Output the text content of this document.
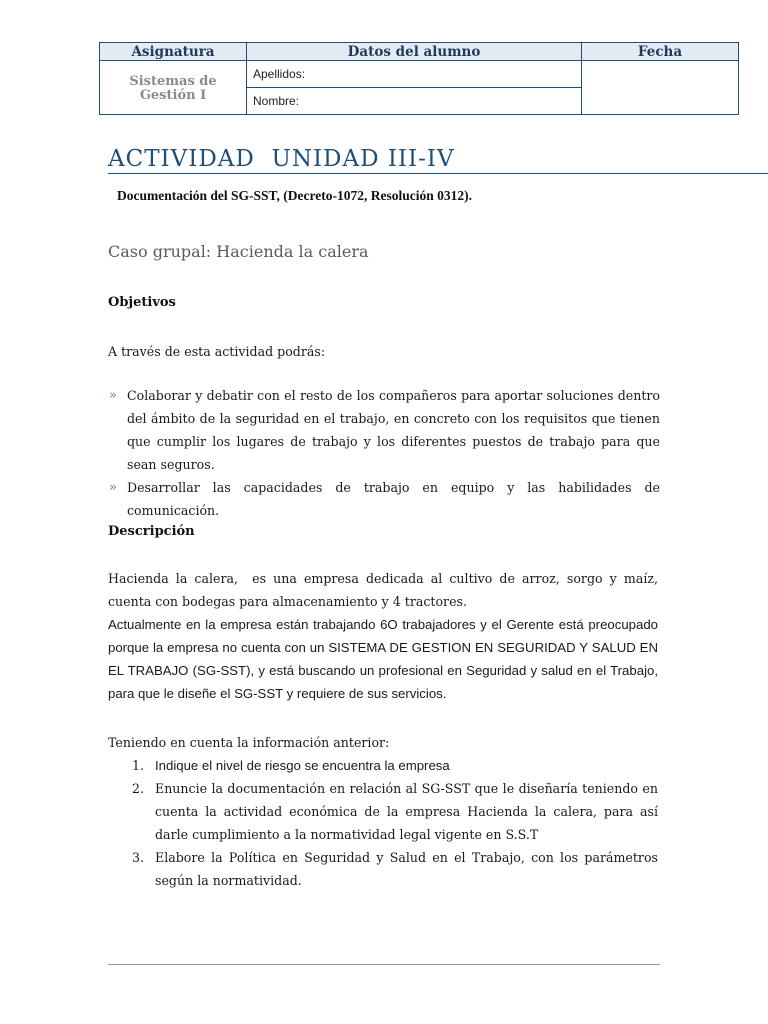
Asignatura	Datos del alumno	Fecha
Sistemas de Gestión I	Apellidos:	
	Nombre:	
ACTIVIDAD  UNIDAD III-IV
Documentación del SG-SST, (Decreto-1072, Resolución 0312).
Caso grupal: Hacienda la calera
Objetivos
A través de esta actividad podrás:
» Colaborar y debatir con el resto de los compañeros para aportar soluciones dentro del ámbito de la seguridad en el trabajo, en concreto con los requisitos que tienen que cumplir los lugares de trabajo y los diferentes puestos de trabajo para que sean seguros.
» Desarrollar las capacidades de trabajo en equipo y las habilidades de comunicación.
Descripción

Hacienda la calera,  es una empresa dedicada al cultivo de arroz, sorgo y maíz, cuenta con bodegas para almacenamiento y 4 tractores.

Actualmente en la empresa están trabajando 6O trabajadores y el Gerente está preocupado porque la empresa no cuenta con un SISTEMA DE GESTION EN SEGURIDAD Y SALUD EN EL TRABAJO (SG-SST), y está buscando un profesional en Seguridad y salud en el Trabajo, para que le diseñe el SG-SST y requiere de sus servicios.

Teniendo en cuenta la información anterior:

1. Indique el nivel de riesgo se encuentra la empresa
2. Enuncie la documentación en relación al SG-SST que le diseñaría teniendo en cuenta la actividad económica de la empresa Hacienda la calera, para así darle cumplimiento a la normatividad legal vigente en S.S.T
3. Elabore la Política en Seguridad y Salud en el Trabajo, con los parámetros según la normatividad.
